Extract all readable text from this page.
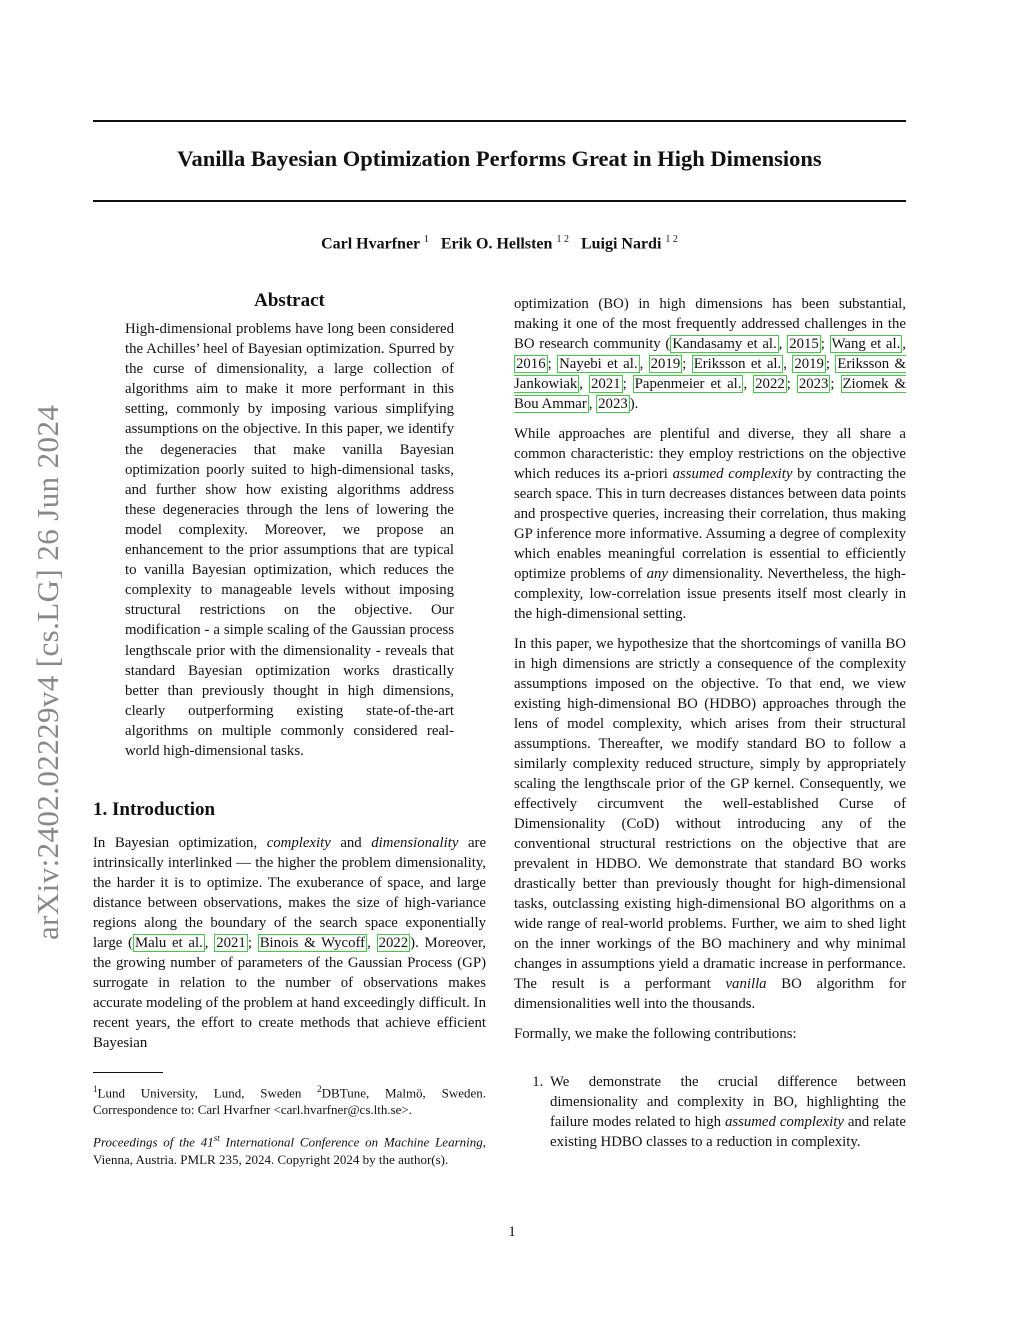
Vanilla Bayesian Optimization Performs Great in High Dimensions
Carl Hvarfner $^1$ Erik O. Hellsten $^{1 2}$ Luigi Nardi $^{1 2}$
arXiv:2402.02229v4 [cs.LG] 26 Jun 2024
Abstract
High-dimensional problems have long been considered the Achilles’ heel of Bayesian optimization. Spurred by the curse of dimensionality, a large collection of algorithms aim to make it more performant in this setting, commonly by imposing various simplifying assumptions on the objective. In this paper, we identify the degeneracies that make vanilla Bayesian optimization poorly suited to high-dimensional tasks, and further show how existing algorithms address these degeneracies through the lens of lowering the model complexity. Moreover, we propose an enhancement to the prior assumptions that are typical to vanilla Bayesian optimization, which reduces the complexity to manageable levels without imposing structural restrictions on the objective. Our modification - a simple scaling of the Gaussian process lengthscale prior with the dimensionality - reveals that standard Bayesian optimization works drastically better than previously thought in high dimensions, clearly outperforming existing state-of-the-art algorithms on multiple commonly considered real-world high-dimensional tasks.
1. Introduction

In Bayesian optimization, complexity and dimensionality are intrinsically interlinked — the higher the problem dimensionality, the harder it is to optimize. The exuberance of space, and large distance between observations, makes the size of high-variance regions along the boundary of the search space exponentially large ( Malu et al. , 2021 ; Binois & Wycoff , 2022 ). Moreover, the growing number of parameters of the Gaussian Process (GP) surrogate in relation to the number of observations makes accurate modeling of the problem at hand exceedingly difficult. In recent years, the effort to create methods that achieve efficient Bayesian

$^1$Lund University, Lund, Sweden $^2$DBTune, Malmö, Sweden. Correspondence to: Carl Hvarfner <carl.hvarfner@cs.lth.se>.

Proceedings of the 41st International Conference on Machine Learning, Vienna, Austria. PMLR 235, 2024. Copyright 2024 by the author(s).

optimization (BO) in high dimensions has been substantial, making it one of the most frequently addressed challenges in the BO research community ( Kandasamy et al. , 2015 ; Wang et al. , 2016 ; Nayebi et al. , 2019 ; Eriksson et al. , 2019 ; Eriksson & Jankowiak , 2021 ; Papenmeier et al. , 2022 ; 2023 ; Ziomek & Bou Ammar , 2023 ).

While approaches are plentiful and diverse, they all share a common characteristic: they employ restrictions on the objective which reduces its a-priori assumed complexity by contracting the search space. This in turn decreases distances between data points and prospective queries, increasing their correlation, thus making GP inference more informative. Assuming a degree of complexity which enables meaningful correlation is essential to efficiently optimize problems of any dimensionality. Nevertheless, the high-complexity, low-correlation issue presents itself most clearly in the high-dimensional setting.

In this paper, we hypothesize that the shortcomings of vanilla BO in high dimensions are strictly a consequence of the complexity assumptions imposed on the objective. To that end, we view existing high-dimensional BO (HDBO) approaches through the lens of model complexity, which arises from their structural assumptions. Thereafter, we modify standard BO to follow a similarly complexity reduced structure, simply by appropriately scaling the lengthscale prior of the GP kernel. Consequently, we effectively circumvent the well-established Curse of Dimensionality (CoD) without introducing any of the conventional structural restrictions on the objective that are prevalent in HDBO. We demonstrate that standard BO works drastically better than previously thought for high-dimensional tasks, outclassing existing high-dimensional BO algorithms on a wide range of real-world problems. Further, we aim to shed light on the inner workings of the BO machinery and why minimal changes in assumptions yield a dramatic increase in performance. The result is a performant vanilla BO algorithm for dimensionalities well into the thousands.

Formally, we make the following contributions:

1. We demonstrate the crucial difference between dimensionality and complexity in BO, highlighting the failure modes related to high assumed complexity and relate existing HDBO classes to a reduction in complexity.
1
